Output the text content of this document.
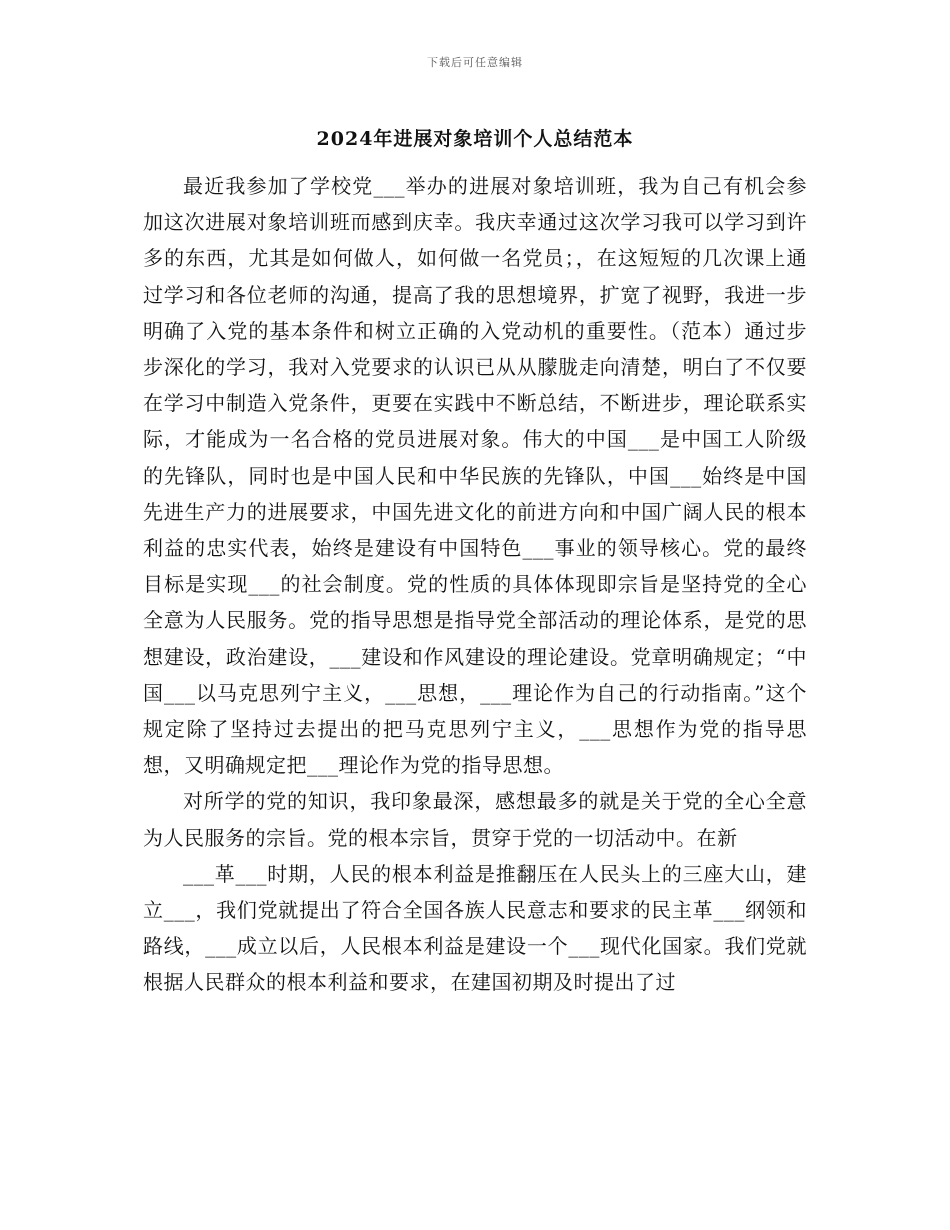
下载后可任意编辑
2024年进展对象培训个人总结范本

最近我参加了学校党___举办的进展对象培训班，我为自己有机会参加这次进展对象培训班而感到庆幸。我庆幸通过这次学习我可以学习到许多的东西，尤其是如何做人，如何做一名党员；，在这短短的几次课上通过学习和各位老师的沟通，提高了我的思想境界，扩宽了视野，我进一步明确了入党的基本条件和树立正确的入党动机的重要性。（范本）通过步步深化的学习，我对入党要求的认识已从从朦胧走向清楚，明白了不仅要在学习中制造入党条件，更要在实践中不断总结，不断进步，理论联系实际，才能成为一名合格的党员进展对象。伟大的中国___是中国工人阶级的先锋队，同时也是中国人民和中华民族的先锋队，中国___始终是中国先进生产力的进展要求，中国先进文化的前进方向和中国广阔人民的根本利益的忠实代表，始终是建设有中国特色___事业的领导核心。党的最终目标是实现___的社会制度。党的性质的具体体现即宗旨是坚持党的全心全意为人民服务。党的指导思想是指导党全部活动的理论体系，是党的思想建设，政治建设，___建设和作风建设的理论建设。党章明确规定；“中国___以马克思列宁主义，___思想，___理论作为自己的行动指南。”这个规定除了坚持过去提出的把马克思列宁主义，___思想作为党的指导思想，又明确规定把___理论作为党的指导思想。

对所学的党的知识，我印象最深，感想最多的就是关于党的全心全意为人民服务的宗旨。党的根本宗旨，贯穿于党的一切活动中。在新

___革___时期，人民的根本利益是推翻压在人民头上的三座大山，建立___，我们党就提出了符合全国各族人民意志和要求的民主革___纲领和路线，___成立以后，人民根本利益是建设一个___现代化国家。我们党就根据人民群众的根本利益和要求，在建国初期及时提出了过
